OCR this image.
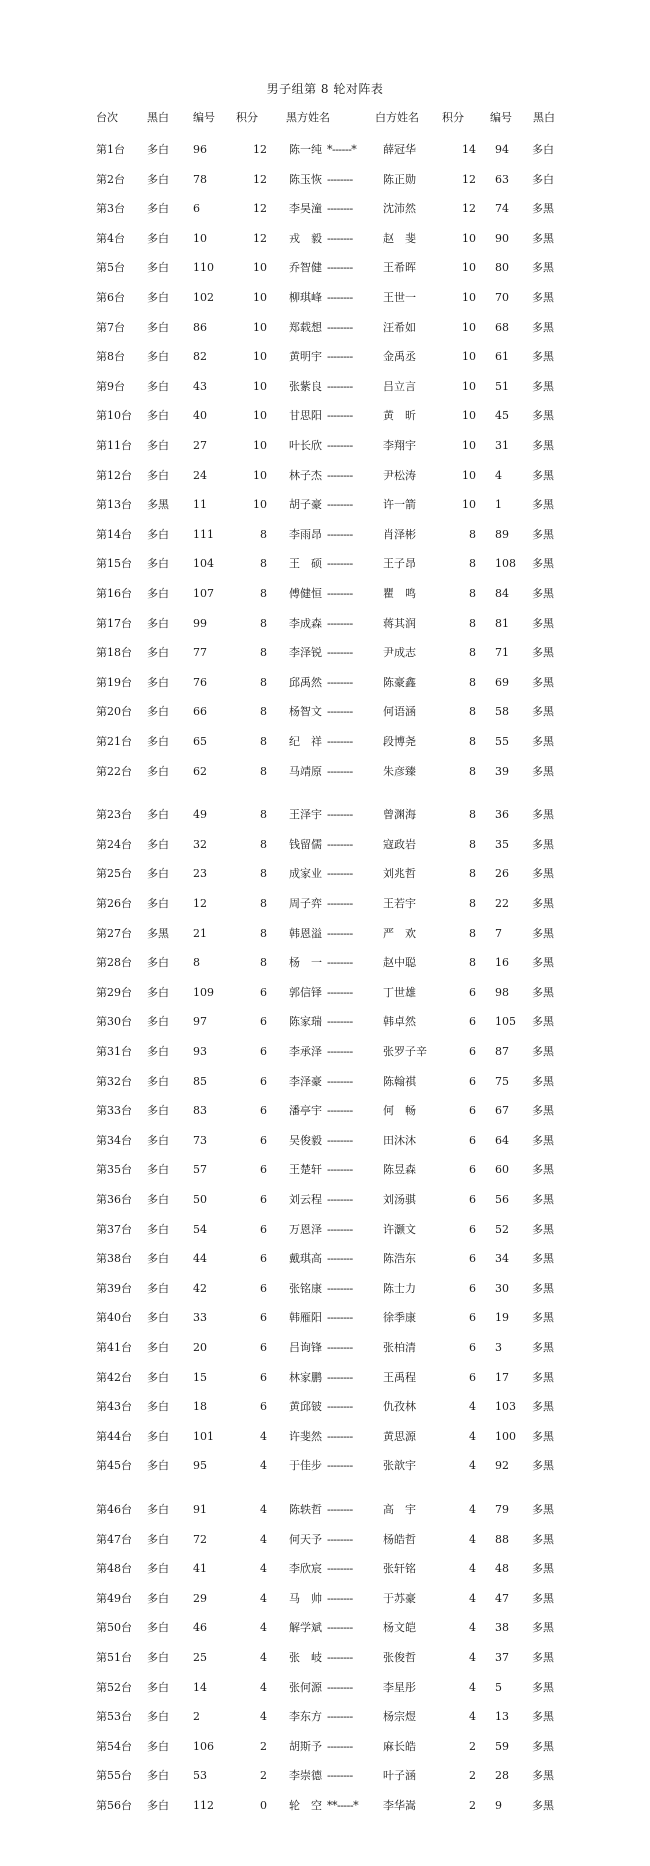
男子组第 8 轮对阵表
台次	黑白 编号 积分	黑方姓名	白方姓名 积分 编号 黑白
第1台 多白 96	12 陈一纯 *------* 薛冠华	14 94 多白
第2台 多白 78	12 陈玉恢 --------	陈正勋	12 63 多白
第3台 多白 6	12 李昊潼 --------	沈沛然	12 74 多黑
第4台 多白 10	12 戎　毅 --------	赵　斐	10 90 多黑
第5台 多白 110	10 乔智健 --------	王希晖	10 80 多黑
第6台 多白 102	10 柳琪峰 --------	王世一	10 70 多黑
第7台 多白 86	10 郑载想 --------	汪希如	10 68 多黑
第8台 多白 82	10 黄明宇 --------	金禹丞	10 61 多黑
第9台 多白 43	10 张紫良 --------	吕立言	10 51 多黑
第10台 多白 40	10 甘思阳 --------	黄　昕	10 45 多黑
第11台 多白 27	10 叶长欣 --------	李翔宇	10 31 多黑
第12台 多白 24	10 林子杰 --------	尹松涛	10 4	多黑
第13台 多黑 11	10 胡子豪 --------	许一箭	10 1	多黑
第14台 多白 111	8 李雨昂 --------	肖泽彬	8 89 多黑
第15台 多白 104	8 王　硕 --------	王子昂	8 108 多黑
第16台 多白 107	8 傅健恒 --------	瞿　鸣	8 84 多黑
第17台 多白 99	8 李成森 --------	蒋其润	8 81 多黑
第18台 多白 77	8 李泽锐 --------	尹成志	8 71 多黑
第19台 多白 76	8 邱禹然 --------	陈豪鑫	8 69 多黑
第20台 多白 66	8 杨智文 --------	何语涵	8 58 多黑
第21台 多白 65	8 纪　祥 --------	段博尧	8 55 多黑
第22台 多白 62	8 马靖原 --------	朱彦臻	8 39 多黑
第23台 多白 49	8 王泽宇 --------	曾渊海	8 36 多黑
第24台 多白 32	8 钱留儒 --------	寇政岩	8 35 多黑
第25台 多白 23	8 成家业 --------	刘兆哲	8 26 多黑
第26台 多白 12	8 周子弈 --------	王若宇	8 22 多黑
第27台 多黑 21	8 韩恩溢 --------	严　欢	8 7	多黑
第28台 多白 8	8 杨　一 --------	赵中聪	8 16 多黑
第29台 多白 109	6 郭信铎 --------	丁世雄	6 98 多黑
第30台 多白 97	6 陈家瑞 --------	韩卓然	6 105 多黑
第31台 多白 93	6 李承泽 --------	张罗子辛	6 87 多黑
第32台 多白 85	6 李泽豪 --------	陈翰祺	6 75 多黑
第33台 多白 83	6 潘亭宇 --------	何　畅	6 67 多黑
第34台 多白 73	6 吴俊毅 --------	田沐沐	6 64 多黑
第35台 多白 57	6 王楚轩 --------	陈昱森	6 60 多黑
第36台 多白 50	6 刘云程 --------	刘汤骐	6 56 多黑
第37台 多白 54	6 万恩泽 --------	许灏文	6 52 多黑
第38台 多白 44	6 戴琪高 --------	陈浩东	6 34 多黑
第39台 多白 42	6 张铭康 --------	陈士力	6 30 多黑
第40台 多白 33	6 韩雁阳 --------	徐季康	6 19 多黑
第41台 多白 20	6 吕询锋 --------	张柏清	6 3	多黑
第42台 多白 15	6 林家鹏 --------	王禹程	6 17 多黑
第43台 多白 18	6 黄邱铍 --------	仇孜林	4 103 多黑
第44台 多白 101	4 许斐然 --------	黄思源	4 100 多黑
第45台 多白 95	4 于佳步 --------	张歆宇	4 92 多黑
第46台 多白 91	4 陈轶哲 --------	高　宇	4 79 多黑
第47台 多白 72	4 何天予 --------	杨皓哲	4 88 多黑
第48台 多白 41	4 李欣宸 --------	张轩铭	4 48 多黑
第49台 多白 29	4 马　帅 --------	于苏豪	4 47 多黑
第50台 多白 46	4 解学斌 --------	杨文皑	4 38 多黑
第51台 多白 25	4 张　岐 --------	张俊哲	4 37 多黑
第52台 多白 14	4 张何源 --------	李星彤	4 5	多黑
第53台 多白 2	4 李东方 --------	杨宗煜	4 13 多黑
第54台 多白 106	2 胡斯予 --------	麻长皓	2 59 多黑
第55台 多白 53	2 李崇德 --------	叶子涵	2 28 多黑
第56台 多白 112	0 轮　空 **-----* 李华嵩	2 9	多黑
